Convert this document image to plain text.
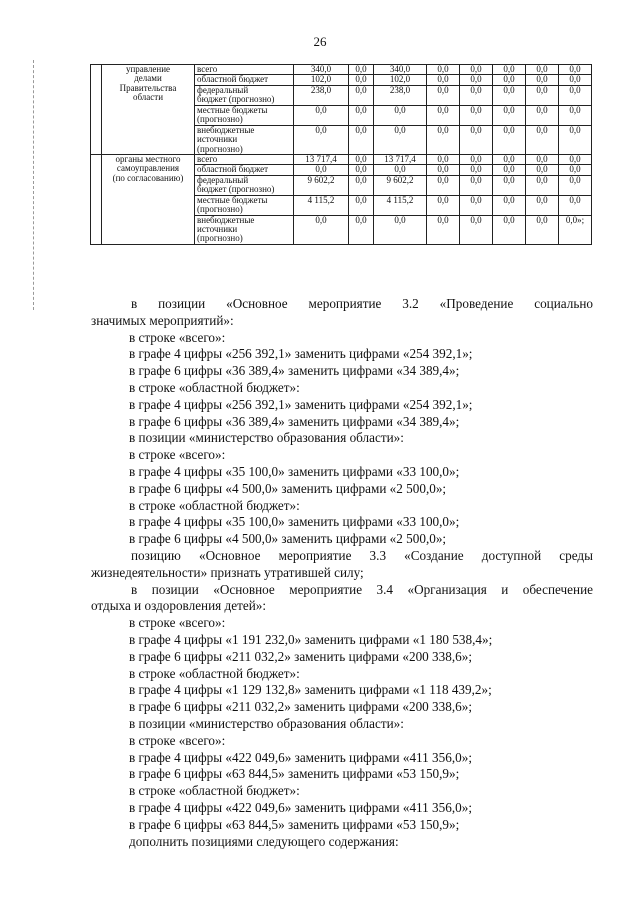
26

	управление
делами
Правительства
области	всего	340,0	0,0	340,0	0,0	0,0	0,0	0,0	0,0

		областной бюджет	102,0	0,0	102,0	0,0	0,0	0,0	0,0	0,0

		федеральный
бюджет (прогнозно)	238,0	0,0	238,0	0,0	0,0	0,0	0,0	0,0

		местные бюджеты
(прогнозно)	0,0	0,0	0,0	0,0	0,0	0,0	0,0	0,0

		внебюджетные
источники
(прогнозно)	0,0	0,0	0,0	0,0	0,0	0,0	0,0	0,0

	органы местного
самоуправления
(по согласованию)	всего	13 717,4	0,0	13 717,4	0,0	0,0	0,0	0,0	0,0

		областной бюджет	0,0	0,0	0,0	0,0	0,0	0,0	0,0	0,0

		федеральный
бюджет (прогнозно)	9 602,2	0,0	9 602,2	0,0	0,0	0,0	0,0	0,0

		местные бюджеты
(прогнозно)	4 115,2	0,0	4 115,2	0,0	0,0	0,0	0,0	0,0

		внебюджетные
источники
(прогнозно)	0,0	0,0	0,0	0,0	0,0	0,0	0,0	0,0»;

в позиции «Основное мероприятие 3.2 «Проведение социально

значимых мероприятий»:

в строке «всего»:

в графе 4 цифры «256 392,1» заменить цифрами «254 392,1»;

в графе 6 цифры «36 389,4» заменить цифрами «34 389,4»;

в строке «областной бюджет»:

в графе 4 цифры «256 392,1» заменить цифрами «254 392,1»;

в графе 6 цифры «36 389,4» заменить цифрами «34 389,4»;

в позиции «министерство образования области»:

в строке «всего»:

в графе 4 цифры «35 100,0» заменить цифрами «33 100,0»;

в графе 6 цифры «4 500,0» заменить цифрами «2 500,0»;

в строке «областной бюджет»:

в графе 4 цифры «35 100,0» заменить цифрами «33 100,0»;

в графе 6 цифры «4 500,0» заменить цифрами «2 500,0»;

позицию «Основное мероприятие 3.3 «Создание доступной среды

жизнедеятельности» признать утратившей силу;

в позиции «Основное мероприятие 3.4 «Организация и обеспечение

отдыха и оздоровления детей»:

в строке «всего»:

в графе 4 цифры «1 191 232,0» заменить цифрами «1 180 538,4»;

в графе 6 цифры «211 032,2» заменить цифрами «200 338,6»;

в строке «областной бюджет»:

в графе 4 цифры «1 129 132,8» заменить цифрами «1 118 439,2»;

в графе 6 цифры «211 032,2» заменить цифрами «200 338,6»;

в позиции «министерство образования области»:

в строке «всего»:

в графе 4 цифры «422 049,6» заменить цифрами «411 356,0»;

в графе 6 цифры «63 844,5» заменить цифрами «53 150,9»;

в строке «областной бюджет»:

в графе 4 цифры «422 049,6» заменить цифрами «411 356,0»;

в графе 6 цифры «63 844,5» заменить цифрами «53 150,9»;

дополнить позициями следующего содержания:
